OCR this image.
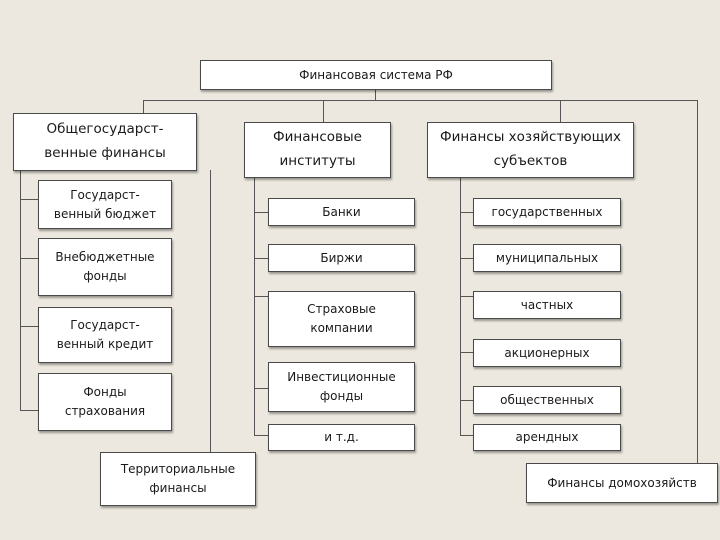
Финансовая система РФ
Общегосударст-
венные финансы
Государст-
венный бюджет
Внебюджетные
фонды
Государст-
венный кредит
Фонды
страхования
Финансовые
институты
Банки
Биржи
Страховые
компании
Инвестиционные
фонды
и т.д.
Финансы хозяйствующих
субъектов
государственных
муниципальных
частных
акционерных
общественных
арендных
Территориальные
финансы	Финансы домохозяйств
